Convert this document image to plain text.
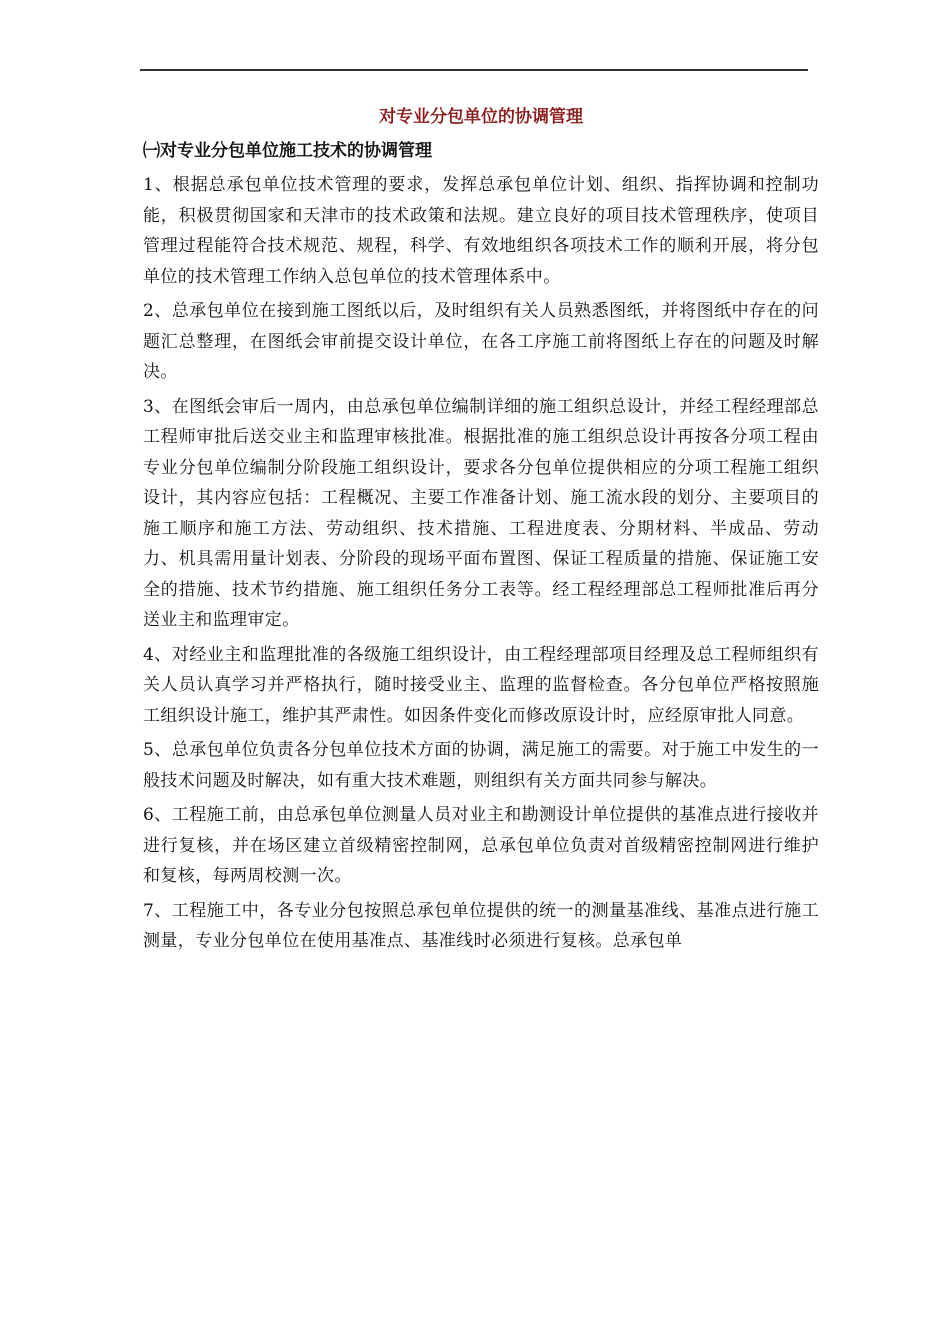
对专业分包单位的协调管理
㈠对专业分包单位施工技术的协调管理

1、根据总承包单位技术管理的要求，发挥总承包单位计划、组织、指挥协调和控制功能，积极贯彻国家和天津市的技术政策和法规。建立良好的项目技术管理秩序，使项目管理过程能符合技术规范、规程，科学、有效地组织各项技术工作的顺利开展，将分包单位的技术管理工作纳入总包单位的技术管理体系中。

2、总承包单位在接到施工图纸以后，及时组织有关人员熟悉图纸，并将图纸中存在的问题汇总整理，在图纸会审前提交设计单位，在各工序施工前将图纸上存在的问题及时解决。

3、在图纸会审后一周内，由总承包单位编制详细的施工组织总设计，并经工程经理部总工程师审批后送交业主和监理审核批准。根据批准的施工组织总设计再按各分项工程由专业分包单位编制分阶段施工组织设计，要求各分包单位提供相应的分项工程施工组织设计，其内容应包括：工程概况、主要工作准备计划、施工流水段的划分、主要项目的施工顺序和施工方法、劳动组织、技术措施、工程进度表、分期材料、半成品、劳动力、机具需用量计划表、分阶段的现场平面布置图、保证工程质量的措施、保证施工安全的措施、技术节约措施、施工组织任务分工表等。经工程经理部总工程师批准后再分送业主和监理审定。

4、对经业主和监理批准的各级施工组织设计，由工程经理部项目经理及总工程师组织有关人员认真学习并严格执行，随时接受业主、监理的监督检查。各分包单位严格按照施工组织设计施工，维护其严肃性。如因条件变化而修改原设计时，应经原审批人同意。

5、总承包单位负责各分包单位技术方面的协调，满足施工的需要。对于施工中发生的一般技术问题及时解决，如有重大技术难题，则组织有关方面共同参与解决。

6、工程施工前，由总承包单位测量人员对业主和勘测设计单位提供的基准点进行接收并进行复核，并在场区建立首级精密控制网，总承包单位负责对首级精密控制网进行维护和复核，每两周校测一次。

7、工程施工中，各专业分包按照总承包单位提供的统一的测量基准线、基准点进行施工测量，专业分包单位在使用基准点、基准线时必须进行复核。总承包单
